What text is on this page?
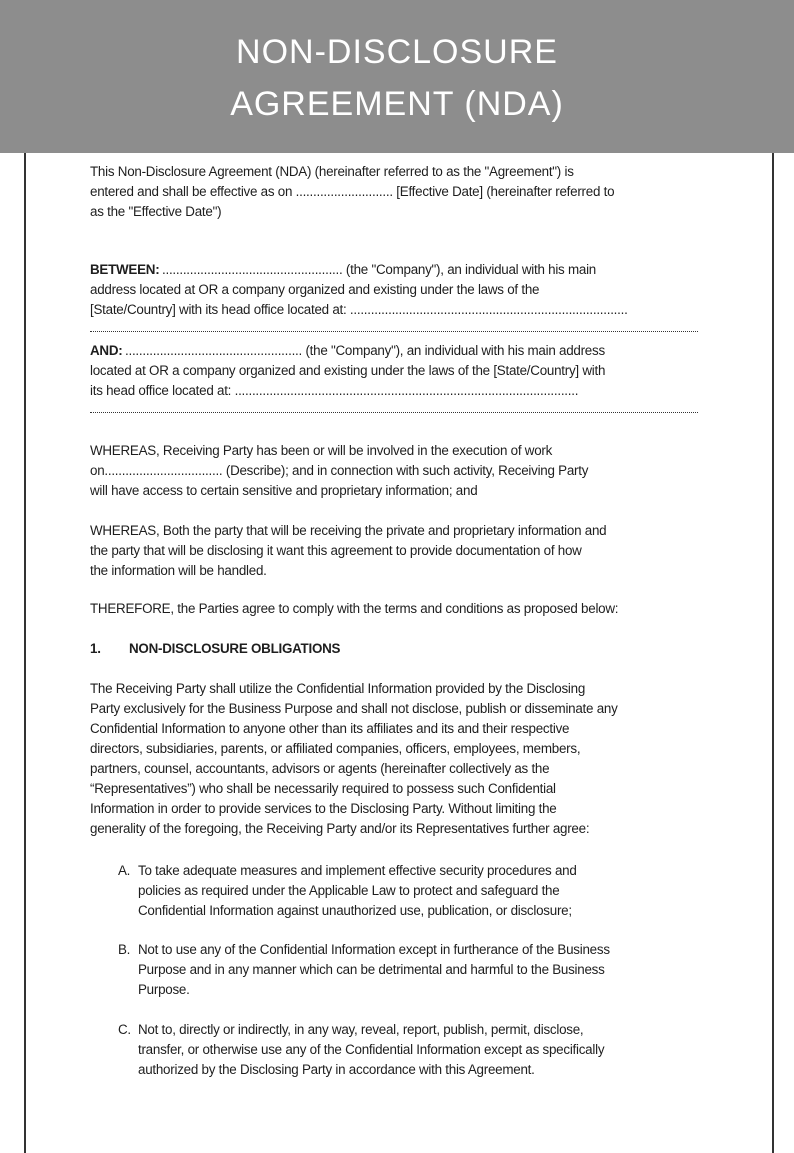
NON-DISCLOSURE
AGREEMENT (NDA)
This Non-Disclosure Agreement (NDA) (hereinafter referred to as the "Agreement") is
entered and shall be effective as on ............................ [Effective Date] (hereinafter referred to
as the "Effective Date")
BETWEEN: .................................................... (the "Company"), an individual with his main
address located at OR a company organized and existing under the laws of the
[State/Country] with its head office located at: ................................................................................
AND: ................................................... (the "Company"), an individual with his main address
located at OR a company organized and existing under the laws of the [State/Country] with
its head office located at: ...................................................................................................
WHEREAS, Receiving Party has been or will be involved in the execution of work
on.................................. (Describe); and in connection with such activity, Receiving Party
will have access to certain sensitive and proprietary information; and
WHEREAS, Both the party that will be receiving the private and proprietary information and
the party that will be disclosing it want this agreement to provide documentation of how
the information will be handled.
THEREFORE, the Parties agree to comply with the terms and conditions as proposed below:
1. NON-DISCLOSURE OBLIGATIONS
The Receiving Party shall utilize the Confidential Information provided by the Disclosing
Party exclusively for the Business Purpose and shall not disclose, publish or disseminate any
Confidential Information to anyone other than its affiliates and its and their respective
directors, subsidiaries, parents, or affiliated companies, officers, employees, members,
partners, counsel, accountants, advisors or agents (hereinafter collectively as the
“Representatives”) who shall be necessarily required to possess such Confidential
Information in order to provide services to the Disclosing Party. Without limiting the
generality of the foregoing, the Receiving Party and/or its Representatives further agree:
A. To take adequate measures and implement effective security procedures and
policies as required under the Applicable Law to protect and safeguard the
Confidential Information against unauthorized use, publication, or disclosure;
B. Not to use any of the Confidential Information except in furtherance of the Business
Purpose and in any manner which can be detrimental and harmful to the Business
Purpose.
C. Not to, directly or indirectly, in any way, reveal, report, publish, permit, disclose,
transfer, or otherwise use any of the Confidential Information except as specifically
authorized by the Disclosing Party in accordance with this Agreement.
